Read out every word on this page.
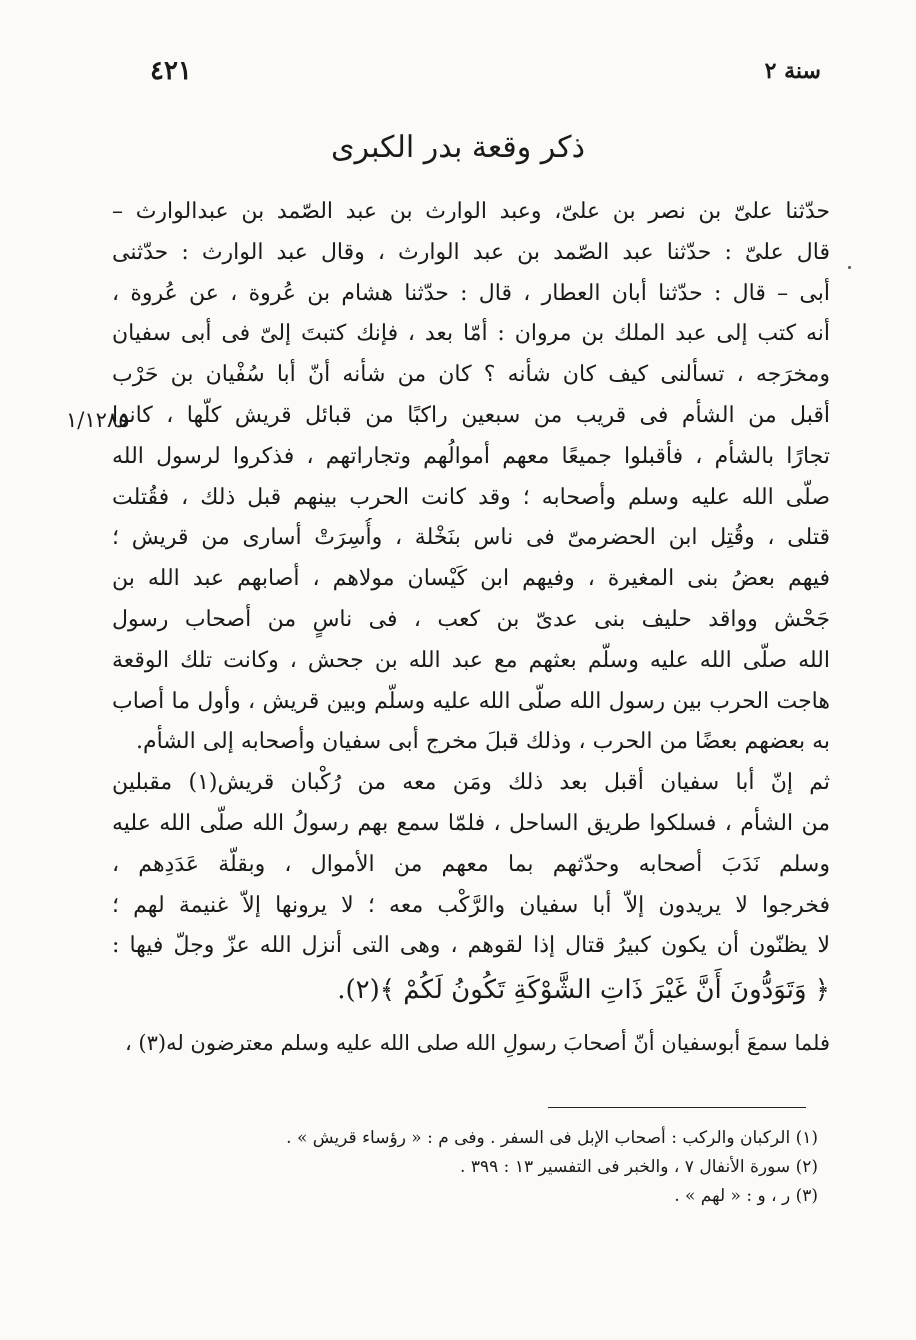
٤٢١	سنة ٢
ذكر وقعة بدر الكبرى
١/١٢٨٥
حدّثنا علىّ بن نصر بن علىّ، وعبد الوارث بن عبد الصّمد بن عبدالوارث –
قال علىّ : حدّثنا عبد الصّمد بن عبد الوارث ، وقال عبد الوارث : حدّثنى
أبى – قال : حدّثنا أبان العطار ، قال : حدّثنا هشام بن عُروة ، عن عُروة ،
أنه كتب إلى عبد الملك بن مروان : أمّا بعد ، فإنك كتبتَ إلىّ فى أبى سفيان
ومخرَجه ، تسألنى كيف كان شأنه ؟ كان من شأنه أنّ أبا سُفْيان بن حَرْب
أقبل من الشأم فى قريب من سبعين راكبًا من قبائل قريش كلّها ، كانوا
تجارًا بالشأم ، فأقبلوا جميعًا معهم أموالُهم وتجاراتهم ، فذكروا لرسول الله
صلّى الله عليه وسلم وأصحابه ؛ وقد كانت الحرب بينهم قبل ذلك ، فقُتلت
قتلى ، وقُتِل ابن الحضرمىّ فى ناس بنَخْلة ، وأُسِرَتْ أسارى من قريش ؛
فيهم بعضُ بنى المغيرة ، وفيهم ابن كَيْسان مولاهم ، أصابهم عبد الله بن
جَحْش وواقد حليف بنى عدىّ بن كعب ، فى ناسٍ من أصحاب رسول
الله صلّى الله عليه وسلّم بعثهم مع عبد الله بن جحش ، وكانت تلك الوقعة
هاجت الحرب بين رسول الله صلّى الله عليه وسلّم وبين قريش ، وأول ما أصاب
به بعضهم بعضًا من الحرب ، وذلك قبلَ مخرج أبى سفيان وأصحابه إلى الشأم.
ثم إنّ أبا سفيان أقبل بعد ذلك ومَن معه من رُكْبان قريش(١) مقبلين
من الشأم ، فسلكوا طريق الساحل ، فلمّا سمع بهم رسولُ الله صلّى الله عليه
وسلم نَدَبَ أصحابه وحدّثهم بما معهم من الأموال ، وبقلّة عَدَدِهم ،
فخرجوا لا يريدون إلاّ أبا سفيان والرَّكْب معه ؛ لا يرونها إلاّ غنيمة لهم ؛
لا يظنّون أن يكون كبيرُ قتال إذا لقوهم ، وهى التى أنزل الله عزّ وجلّ فيها :
﴿ وَتَوَدُّونَ أَنَّ غَيْرَ ذَاتِ الشَّوْكَةِ تَكُونُ لَكُمْ ﴾(٢).
فلما سمعَ أبوسفيان أنّ أصحابَ رسولِ الله صلى الله عليه وسلم معترضون له(٣) ،
(١) الركبان والركب : أصحاب الإبل فى السفر . وفى م : « رؤساء قريش » .
(٢) سورة الأنفال ٧ ، والخبر فى التفسير ١٣ : ٣٩٩ .
(٣) ر ، و : « لهم » .
